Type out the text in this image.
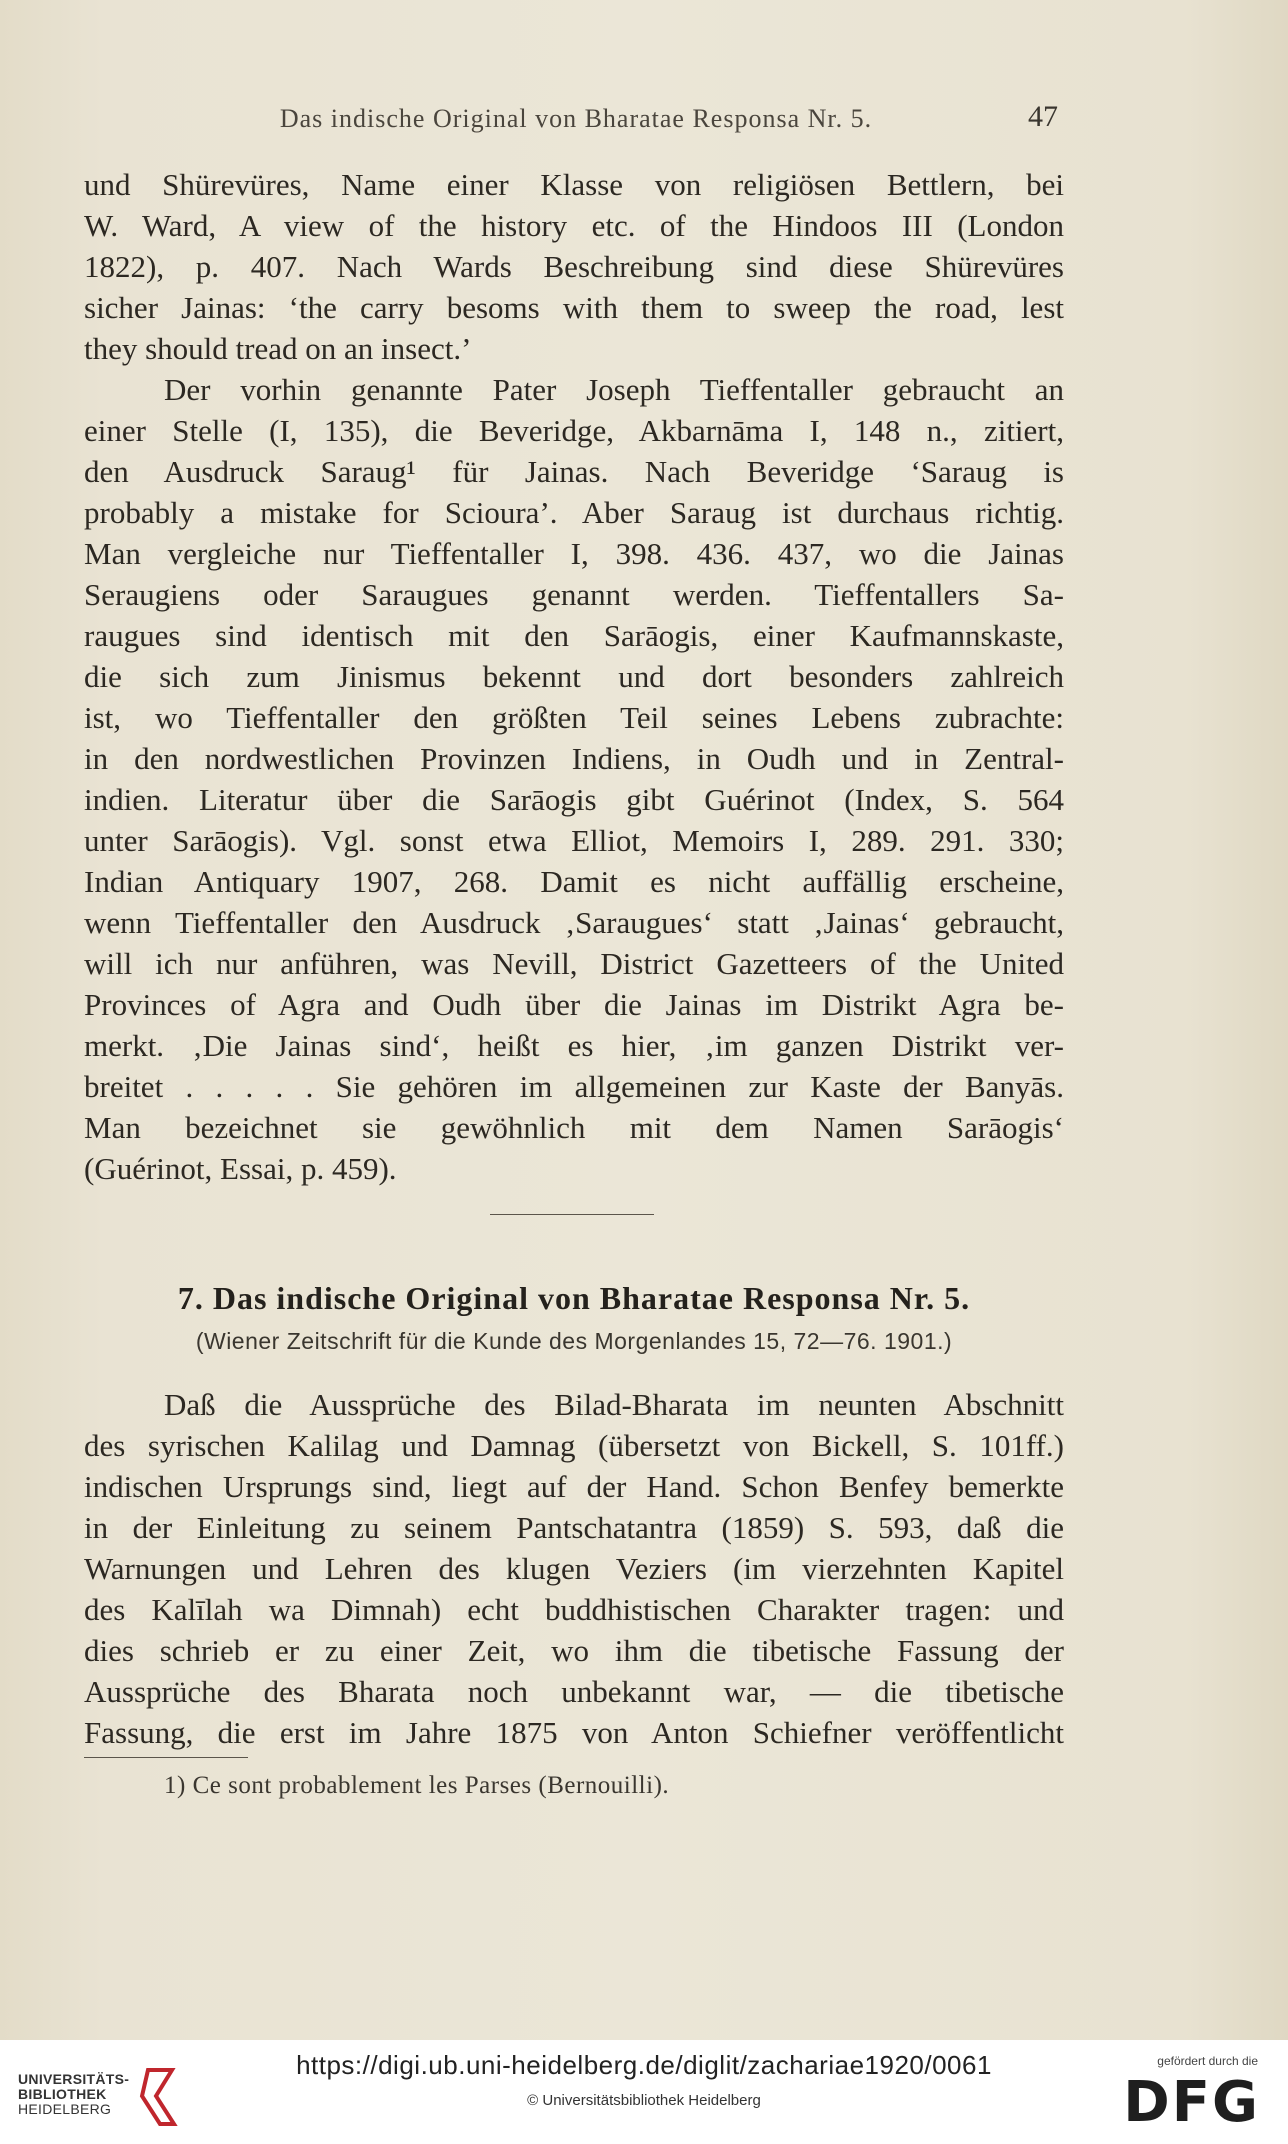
Das indische Original von Bharatae Responsa Nr. 5.	47
und Shürevüres, Name einer Klasse von religiösen Bettlern, bei
W. Ward, A view of the history etc. of the Hindoos III (London
1822), p. 407. Nach Wards Beschreibung sind diese Shürevüres
sicher Jainas: ‘the carry besoms with them to sweep the road, lest
they should tread on an insect.’
Der vorhin genannte Pater Joseph Tieffentaller gebraucht an
einer Stelle (I, 135), die Beveridge, Akbarnāma I, 148 n., zitiert,
den Ausdruck Saraug¹ für Jainas. Nach Beveridge ‘Saraug is
probably a mistake for Scioura’. Aber Saraug ist durchaus richtig.
Man vergleiche nur Tieffentaller I, 398. 436. 437, wo die Jainas
Seraugiens oder Saraugues genannt werden. Tieffentallers Sa-
raugues sind identisch mit den Sarāogis, einer Kaufmannskaste,
die sich zum Jinismus bekennt und dort besonders zahlreich
ist, wo Tieffentaller den größten Teil seines Lebens zubrachte:
in den nordwestlichen Provinzen Indiens, in Oudh und in Zentral-
indien. Literatur über die Sarāogis gibt Guérinot (Index, S. 564
unter Sarāogis). Vgl. sonst etwa Elliot, Memoirs I, 289. 291. 330;
Indian Antiquary 1907, 268. Damit es nicht auffällig erscheine,
wenn Tieffentaller den Ausdruck ‚Saraugues‘ statt ‚Jainas‘ gebraucht,
will ich nur anführen, was Nevill, District Gazetteers of the United
Provinces of Agra and Oudh über die Jainas im Distrikt Agra be-
merkt. ‚Die Jainas sind‘, heißt es hier, ‚im ganzen Distrikt ver-
breitet . . . . . Sie gehören im allgemeinen zur Kaste der Banyās.
Man bezeichnet sie gewöhnlich mit dem Namen Sarāogis‘
(Guérinot, Essai, p. 459).
7. Das indische Original von Bharatae Responsa Nr. 5.
(Wiener Zeitschrift für die Kunde des Morgenlandes 15, 72—76. 1901.)
Daß die Aussprüche des Bilad-Bharata im neunten Abschnitt
des syrischen Kalilag und Damnag (übersetzt von Bickell, S. 101ff.)
indischen Ursprungs sind, liegt auf der Hand. Schon Benfey bemerkte
in der Einleitung zu seinem Pantschatantra (1859) S. 593, daß die
Warnungen und Lehren des klugen Veziers (im vierzehnten Kapitel
des Kalīlah wa Dimnah) echt buddhistischen Charakter tragen: und
dies schrieb er zu einer Zeit, wo ihm die tibetische Fassung der
Aussprüche des Bharata noch unbekannt war, — die tibetische
Fassung, die erst im Jahre 1875 von Anton Schiefner veröffentlicht
1) Ce sont probablement les Parses (Bernouilli).
UNIVERSITÄTS-
BIBLIOTHEK
HEIDELBERG
https://digi.ub.uni-heidelberg.de/diglit/zachariae1920/0061
© Universitätsbibliothek Heidelberg
gefördert durch die
DFG
